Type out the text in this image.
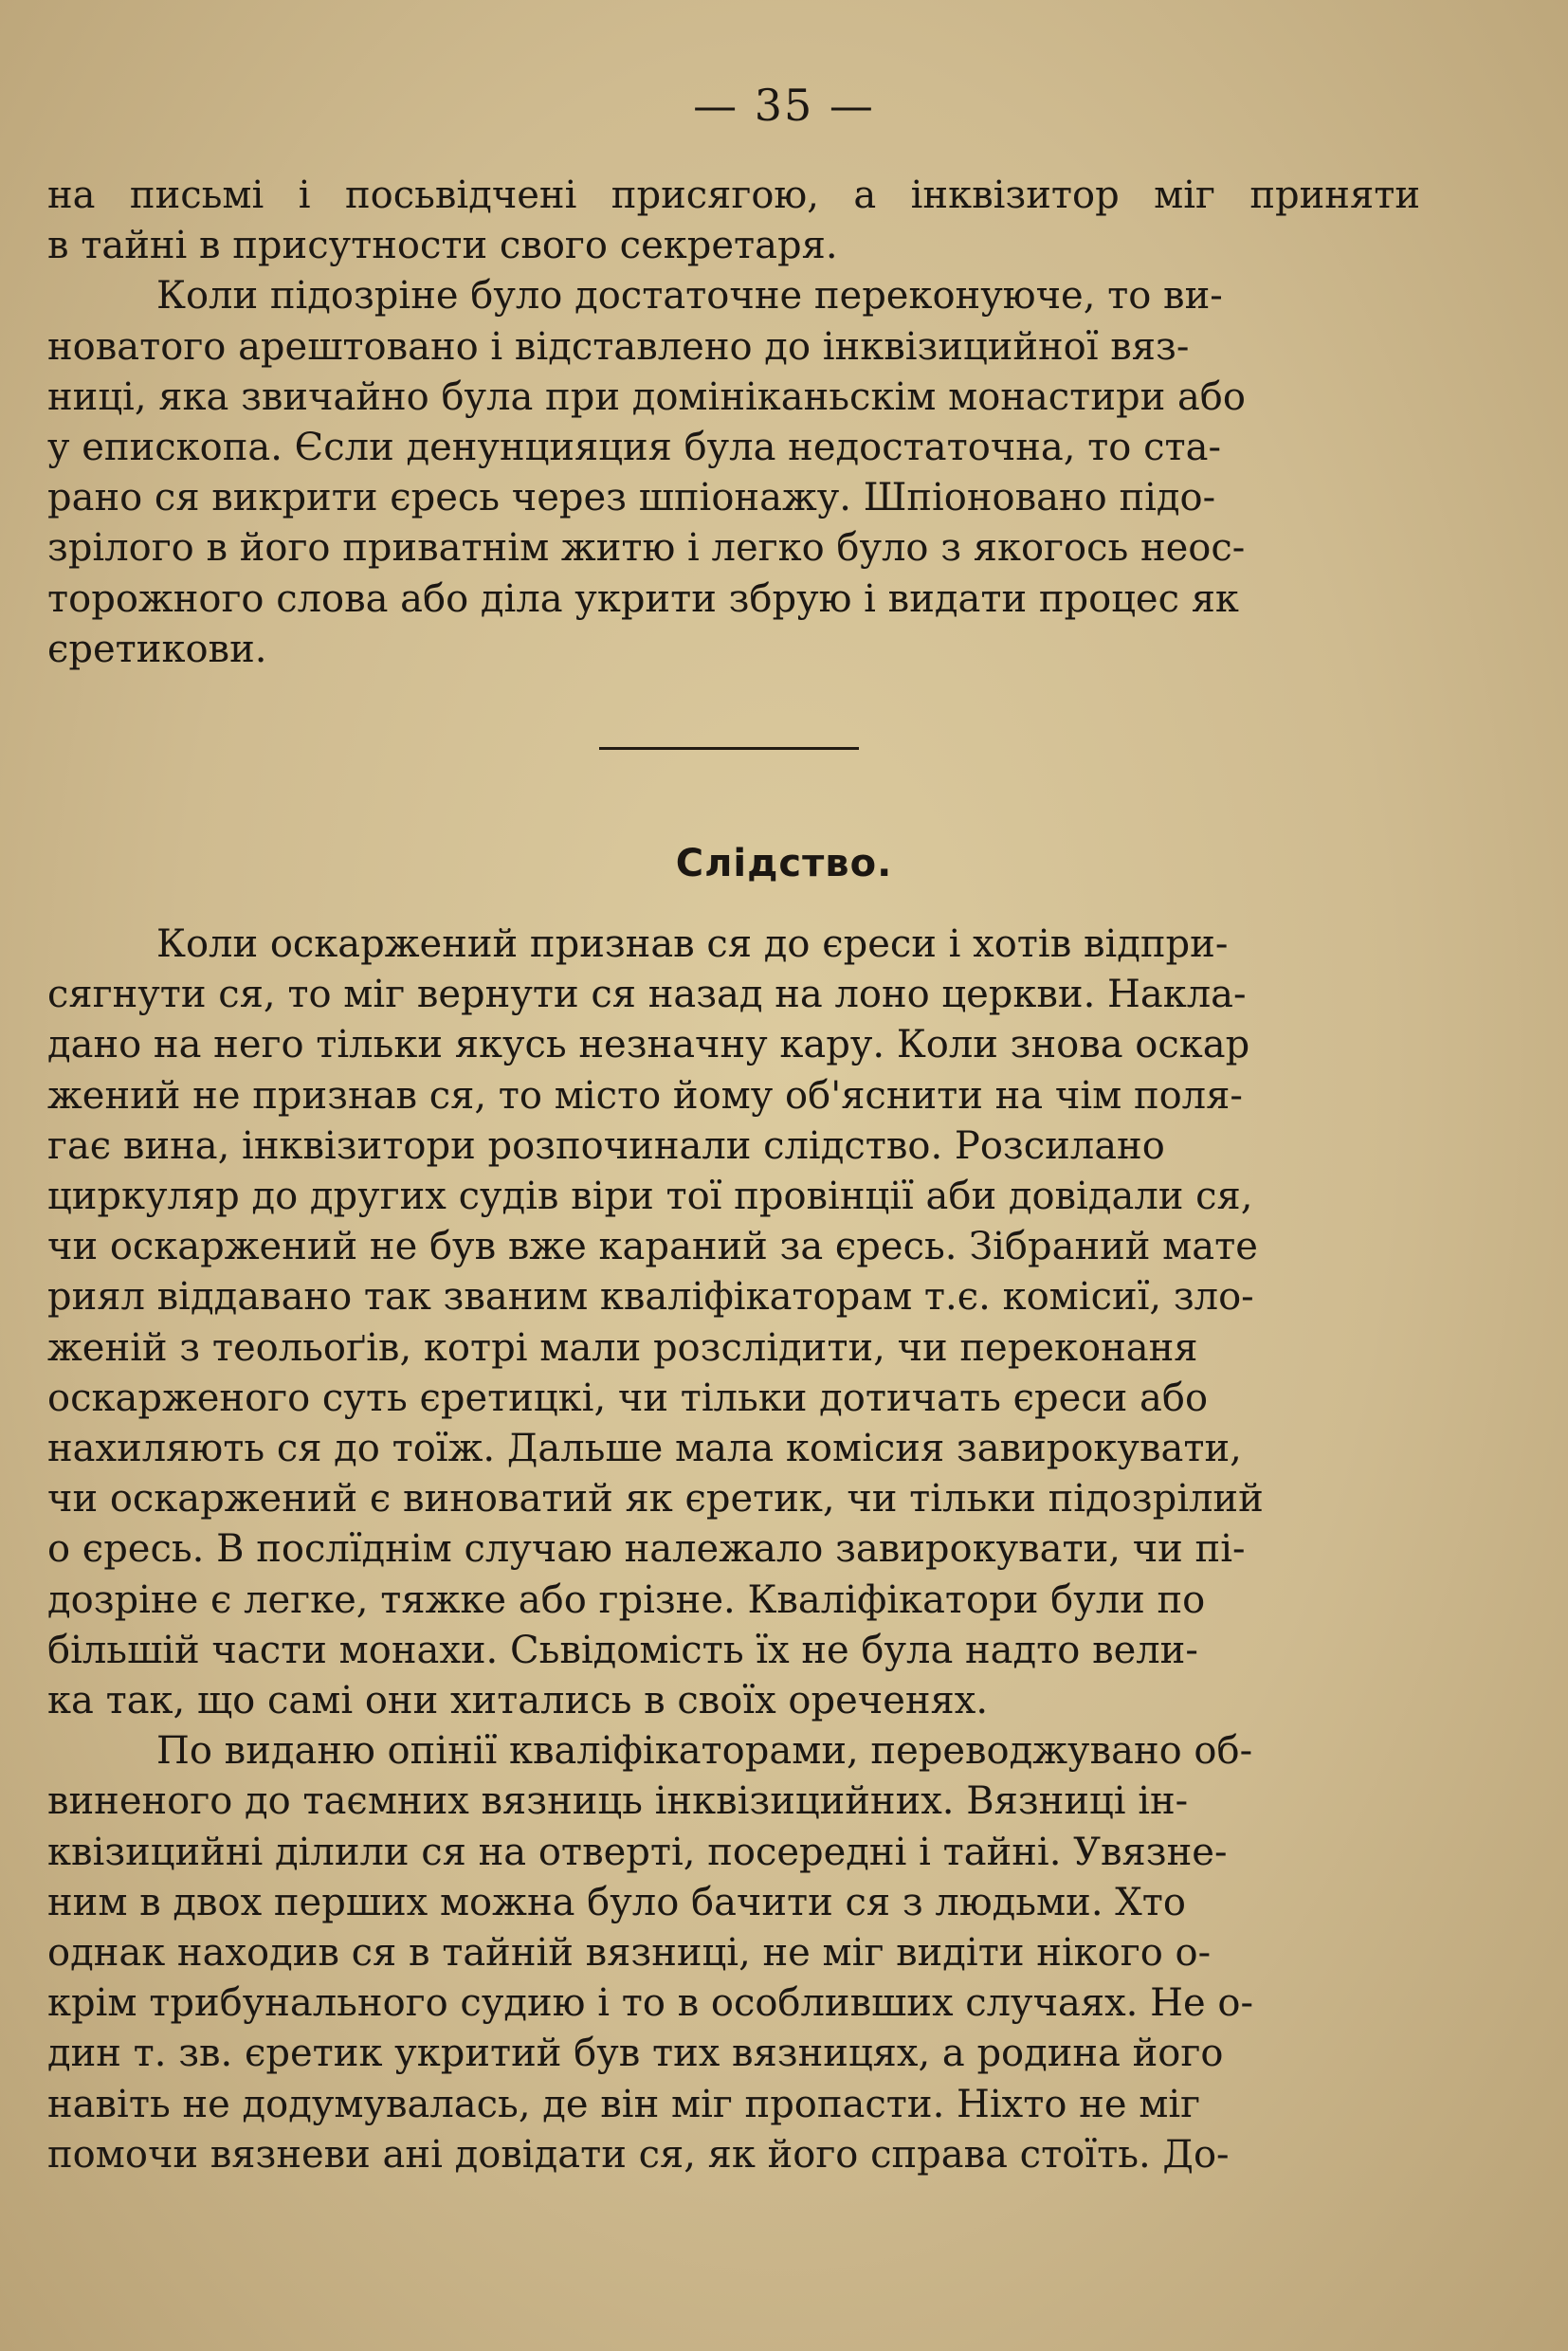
— 35 —
на письмі і посьвідчені присягою, а інквізитор міг приняти
в тайні в присутности свого секретаря.
Коли підозріне було достаточне переконуюче, то ви-
новатого арештовано і відставлено до інквізицийної вяз-
ниці, яка звичайно була при домініканьскім монастири або
у епископа. Єсли денунцияция була недостаточна, то ста-
рано ся викрити єресь через шпіонажу. Шпіоновано підо-
зрілого в його приватнім житю і легко було з якогось неос-
торожного слова або ділa укрити збрую і видати процес як
єретикови.
Слідство.
Коли оскаржений признав ся до єреси і хотів відпри-
сягнути ся, то міг вернути ся назад на лоно церкви. Накла-
дано на него тільки якусь незначну кару. Коли знова оскар
жений не признав ся, то місто йому об'яснити на чім поля-
гає вина, інквізитори розпочинали слідство. Розсилано
циркуляр до других судів віри тої провінції аби довідали ся,
чи оскаржений не був вже караний за єресь. Зібраний мате
риял віддавано так званим кваліфікаторам т.є. комісиї, зло-
женій з теольоґів, котрі мали розслідити, чи переконаня
оскарженого суть єретицкі, чи тільки дотичать єреси або
нахиляють ся до тоїж. Дальше мала комісия завирокувати,
чи оскаржений є виноватий як єретик, чи тільки підозрілий
о єресь. В послїднім случаю належало завирокувати, чи пі-
дозріне є легке, тяжке або грізне. Кваліфікатори були по
більшій части монахи. Сьвідомість їх не була надто вели-
ка так, що самі они хитались в своїх ореченях.
По виданю опінії кваліфікаторами, переводжувано об-
виненого до таємних вязниць інквізицийних. Вязниці ін-
квізицийні ділили ся на отверті, посередні і тайні. Увязне-
ним в двох перших можна було бачити ся з людьми. Хто
однак находив ся в тайній вязниці, не міг видіти нікого о-
крім трибунального судию і то в особливших случаях. Не о-
дин т. зв. єретик укритий був тих вязницях, а родина його
навіть не додумувалась, де він міг пропасти. Ніхто не міг
помочи вязневи ані довідати ся, як його справа стоїть. До-
